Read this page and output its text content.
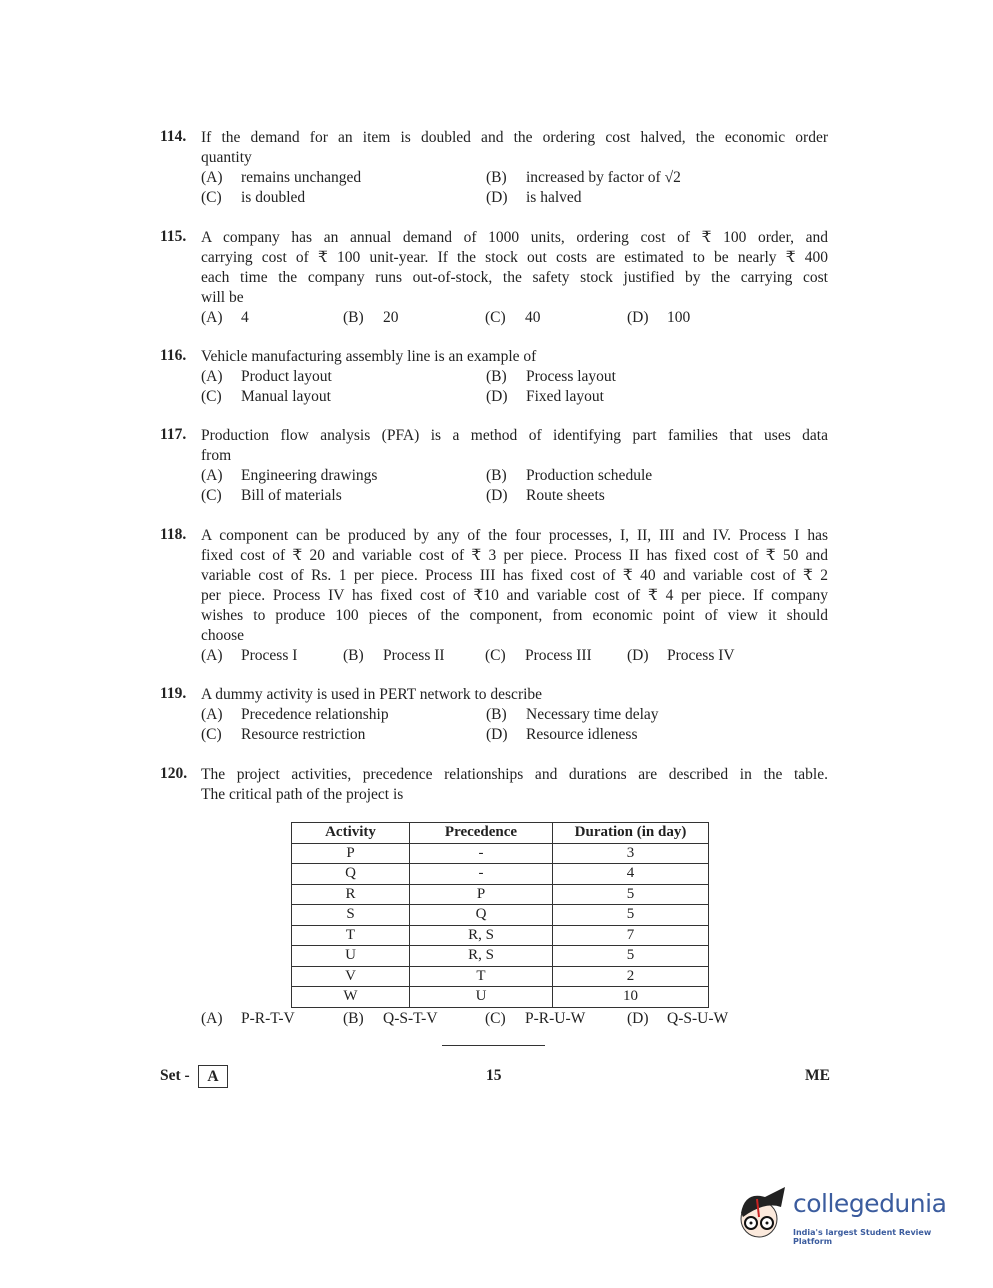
114. If the demand for an item is doubled and the ordering cost halved, the economic order
quantity
(A) remains unchanged	(B) increased by factor of √2
(C) is doubled	(D) is halved
115. A company has an annual demand of 1000 units, ordering cost of ₹ 100 order, and
carrying cost of ₹ 100 unit-year. If the stock out costs are estimated to be nearly ₹ 400
each time the company runs out-of-stock, the safety stock justified by the carrying cost
will be
(A) 4	(B) 20	(C) 40	(D) 100
116. Vehicle manufacturing assembly line is an example of
(A) Product layout	(B) Process layout
(C) Manual layout	(D) Fixed layout
117. Production flow analysis (PFA) is a method of identifying part families that uses data
from
(A) Engineering drawings	(B) Production schedule
(C) Bill of materials	(D) Route sheets
118. A component can be produced by any of the four processes, I, II, III and IV. Process I has
fixed cost of ₹ 20 and variable cost of ₹ 3 per piece. Process II has fixed cost of ₹ 50 and
variable cost of Rs. 1 per piece. Process III has fixed cost of ₹ 40 and variable cost of ₹ 2
per piece. Process IV has fixed cost of ₹10 and variable cost of ₹ 4 per piece. If company
wishes to produce 100 pieces of the component, from economic point of view it should
choose
(A) Process I	(B) Process II	(C) Process III (D) Process IV
119. A dummy activity is used in PERT network to describe
(A) Precedence relationship	(B) Necessary time delay
(C) Resource restriction	(D) Resource idleness
120. The project activities, precedence relationships and durations are described in the table.
The critical path of the project is
(A) P-R-T-V	(B) Q-S-T-V	(C) P-R-U-W	(D) Q-S-U-W
Activity	Precedence	Duration (in day)
P	-	3
Q	-	4
R	P	5
S	Q	5
T	R, S	7
U	R, S	5
V	T	2
W	U	10
Set -	A	15	ME
collegedunia
India's largest Student Review Platform
